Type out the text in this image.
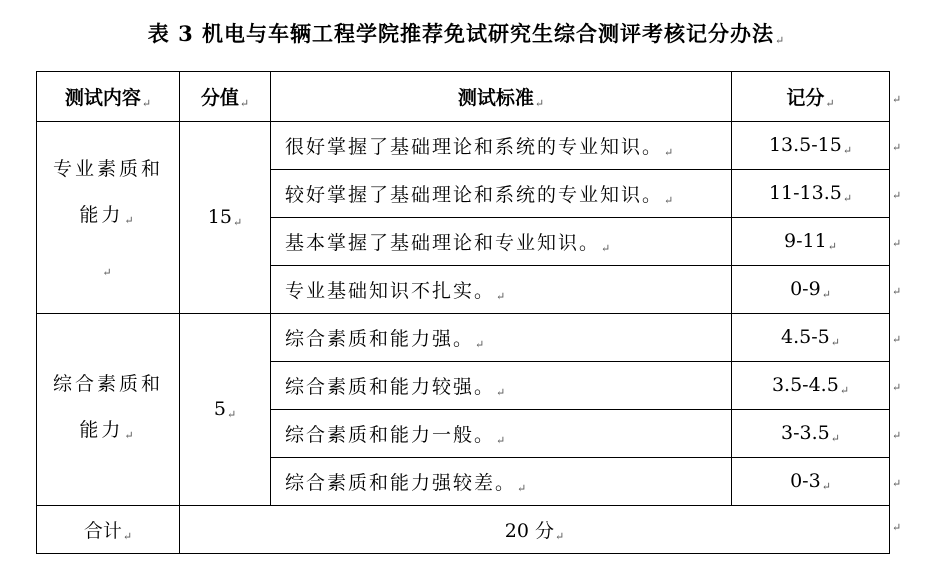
表 3 机电与车辆工程学院推荐免试研究生综合测评考核记分办法↵
测试内容↵	分值↵	测试标准↵	记分↵

专业素质和
能力↵
↵	15↵	很好掌握了基础理论和系统的专业知识。↵	13.5-15↵
		较好掌握了基础理论和系统的专业知识。↵	11-13.5↵
		基本掌握了基础理论和专业知识。↵	9-11↵
		专业基础知识不扎实。↵	0-9↵

综合素质和
能力↵	5↵	综合素质和能力强。↵	4.5-5↵
		综合素质和能力较强。↵	3.5-4.5↵
		综合素质和能力一般。↵	3-3.5↵
		综合素质和能力强较差。↵	0-3↵
合计↵	20 分↵		
↵
↵
↵
↵
↵
↵
↵
↵
↵
↵
